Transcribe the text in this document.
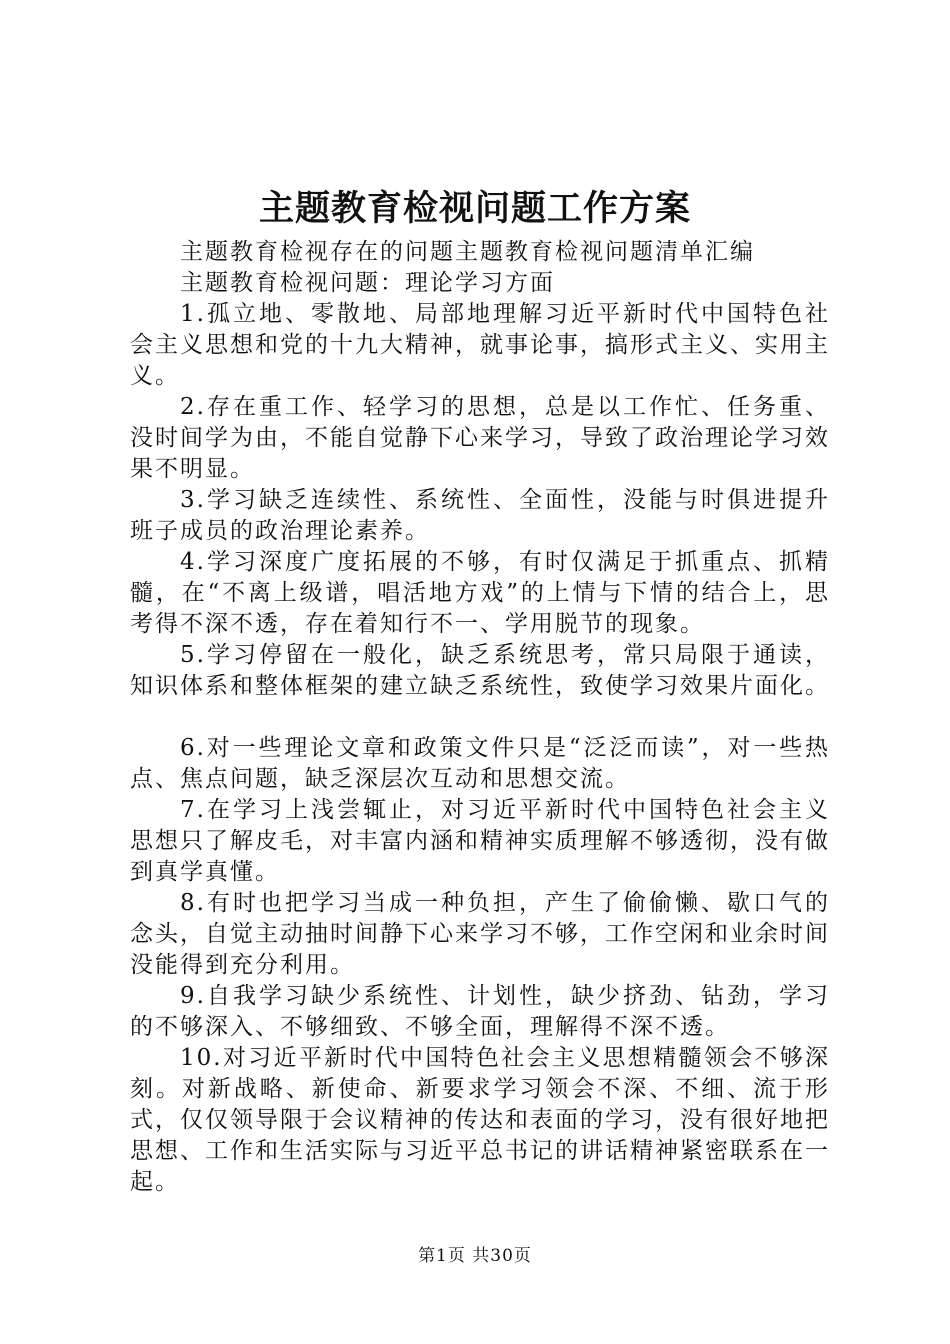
主题教育检视问题工作方案

主题教育检视存在的问题主题教育检视问题清单汇编

主题教育检视问题：理论学习方面

1.孤立地、零散地、局部地理解习近平新时代中国特色社会主义思想和党的十九大精神，就事论事，搞形式主义、实用主义。

2.存在重工作、轻学习的思想，总是以工作忙、任务重、没时间学为由，不能自觉静下心来学习，导致了政治理论学习效果不明显。

3.学习缺乏连续性、系统性、全面性，没能与时俱进提升班子成员的政治理论素养。

4.学习深度广度拓展的不够，有时仅满足于抓重点、抓精髓，在“不离上级谱，唱活地方戏”的上情与下情的结合上，思考得不深不透，存在着知行不一、学用脱节的现象。

5.学习停留在一般化，缺乏系统思考，常只局限于通读，知识体系和整体框架的建立缺乏系统性，致使学习效果片面化。

6.对一些理论文章和政策文件只是“泛泛而读”，对一些热点、焦点问题，缺乏深层次互动和思想交流。

7.在学习上浅尝辄止，对习近平新时代中国特色社会主义思想只了解皮毛，对丰富内涵和精神实质理解不够透彻，没有做到真学真懂。

8.有时也把学习当成一种负担，产生了偷偷懒、歇口气的念头，自觉主动抽时间静下心来学习不够，工作空闲和业余时间没能得到充分利用。

9.自我学习缺少系统性、计划性，缺少挤劲、钻劲，学习的不够深入、不够细致、不够全面，理解得不深不透。

10.对习近平新时代中国特色社会主义思想精髓领会不够深刻。对新战略、新使命、新要求学习领会不深、不细、流于形式，仅仅领导限于会议精神的传达和表面的学习，没有很好地把思想、工作和生活实际与习近平总书记的讲话精神紧密联系在一起。

第1页 共30页
